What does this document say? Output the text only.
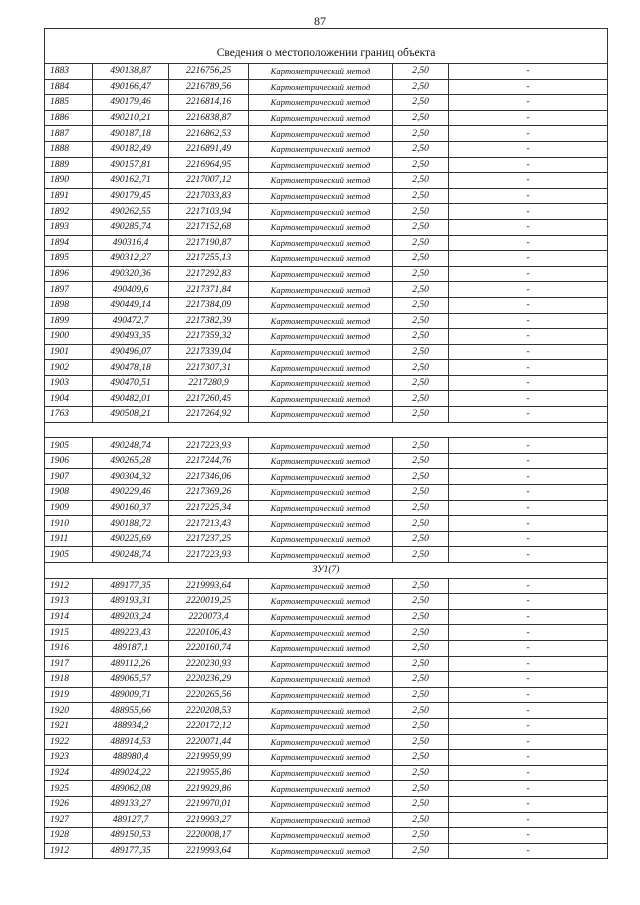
87
Сведения о местоположении границ объекта					
1883	490138,87	2216756,25	Картометрический метод	2,50	-
1884	490166,47	2216789,56	Картометрический метод	2,50	-
1885	490179,46	2216814,16	Картометрический метод	2,50	-
1886	490210,21	2216838,87	Картометрический метод	2,50	-
1887	490187,18	2216862,53	Картометрический метод	2,50	-
1888	490182,49	2216891,49	Картометрический метод	2,50	-
1889	490157,81	2216964,95	Картометрический метод	2,50	-
1890	490162,71	2217007,12	Картометрический метод	2,50	-
1891	490179,45	2217033,83	Картометрический метод	2,50	-
1892	490262,55	2217103,94	Картометрический метод	2,50	-
1893	490285,74	2217152,68	Картометрический метод	2,50	-
1894	490316,4	2217190,87	Картометрический метод	2,50	-
1895	490312,27	2217255,13	Картометрический метод	2,50	-
1896	490320,36	2217292,83	Картометрический метод	2,50	-
1897	490409,6	2217371,84	Картометрический метод	2,50	-
1898	490449,14	2217384,09	Картометрический метод	2,50	-
1899	490472,7	2217382,39	Картометрический метод	2,50	-
1900	490493,35	2217359,32	Картометрический метод	2,50	-
1901	490496,07	2217339,04	Картометрический метод	2,50	-
1902	490478,18	2217307,31	Картометрический метод	2,50	-
1903	490470,51	2217280,9	Картометрический метод	2,50	-
1904	490482,01	2217260,45	Картометрический метод	2,50	-
1763	490508,21	2217264,92	Картометрический метод	2,50	-

1905	490248,74	2217223,93	Картометрический метод	2,50	-
1906	490265,28	2217244,76	Картометрический метод	2,50	-
1907	490304,32	2217346,06	Картометрический метод	2,50	-
1908	490229,46	2217369,26	Картометрический метод	2,50	-
1909	490160,37	2217225,34	Картометрический метод	2,50	-
1910	490188,72	2217213,43	Картометрический метод	2,50	-
1911	490225,69	2217237,25	Картометрический метод	2,50	-
1905	490248,74	2217223,93	Картометрический метод	2,50	-
ЗУ1(7)					
1912	489177,35	2219993,64	Картометрический метод	2,50	-
1913	489193,31	2220019,25	Картометрический метод	2,50	-
1914	489203,24	2220073,4	Картометрический метод	2,50	-
1915	489223,43	2220106,43	Картометрический метод	2,50	-
1916	489187,1	2220160,74	Картометрический метод	2,50	-
1917	489112,26	2220230,93	Картометрический метод	2,50	-
1918	489065,57	2220236,29	Картометрический метод	2,50	-
1919	489009,71	2220265,56	Картометрический метод	2,50	-
1920	488955,66	2220208,53	Картометрический метод	2,50	-
1921	488934,2	2220172,12	Картометрический метод	2,50	-
1922	488914,53	2220071,44	Картометрический метод	2,50	-
1923	488980,4	2219959,99	Картометрический метод	2,50	-
1924	489024,22	2219955,86	Картометрический метод	2,50	-
1925	489062,08	2219929,86	Картометрический метод	2,50	-
1926	489133,27	2219970,01	Картометрический метод	2,50	-
1927	489127,7	2219993,27	Картометрический метод	2,50	-
1928	489150,53	2220008,17	Картометрический метод	2,50	-
1912	489177,35	2219993,64	Картометрический метод	2,50	-
